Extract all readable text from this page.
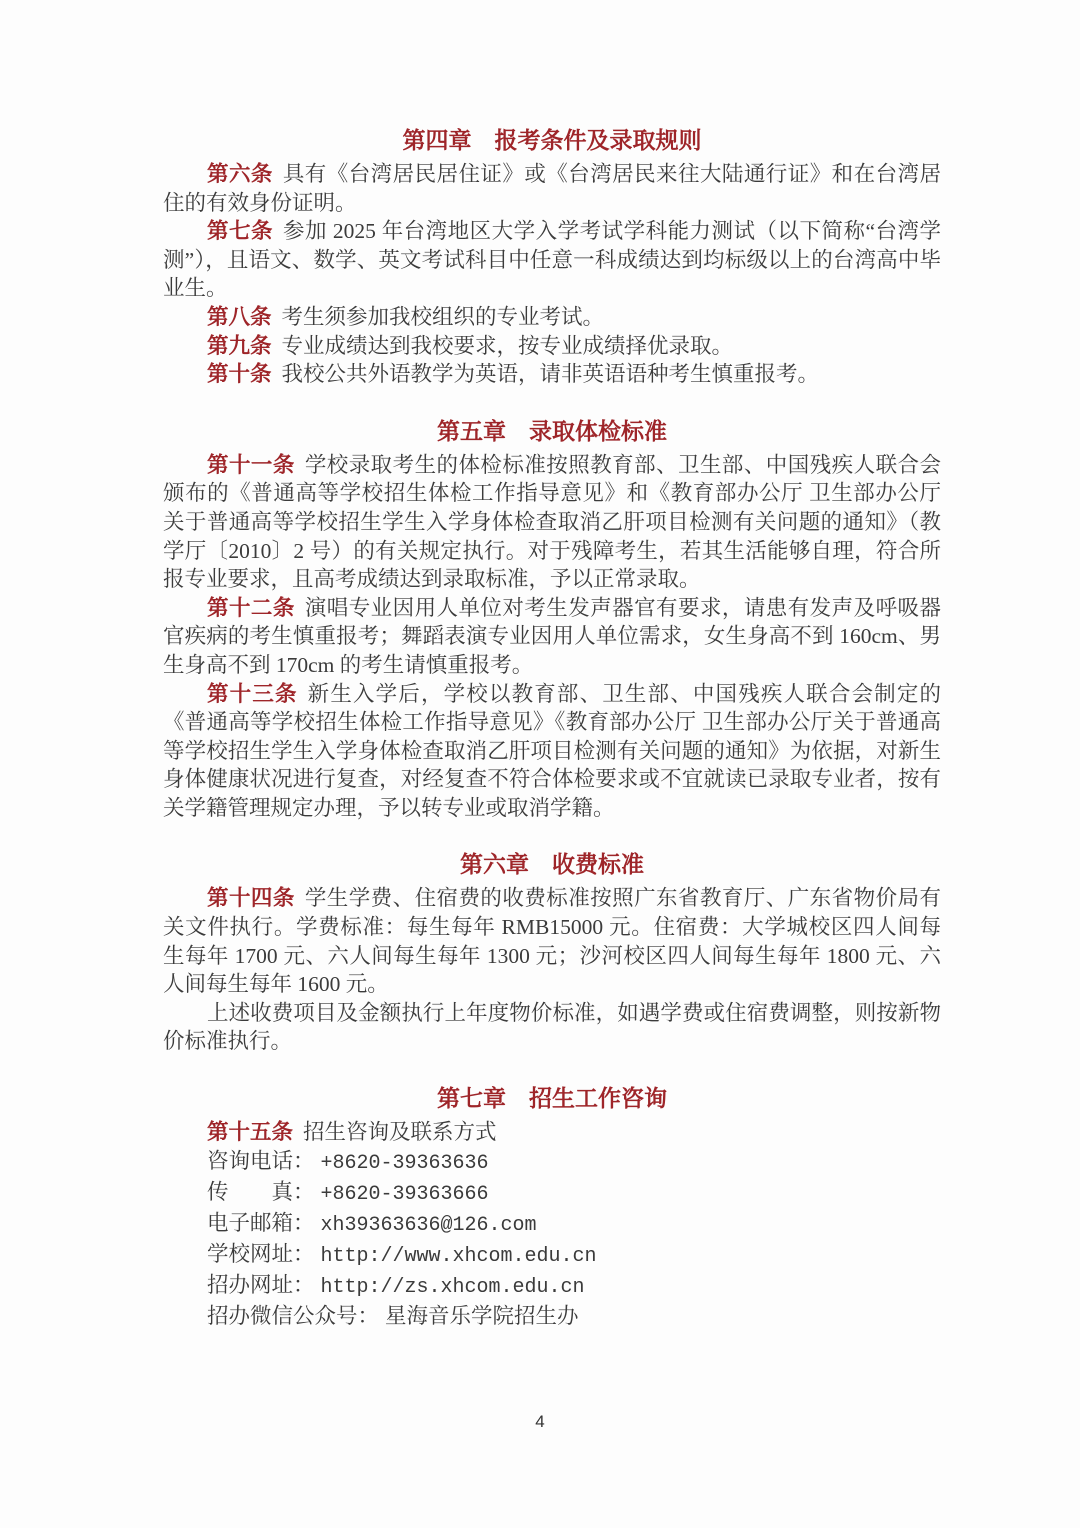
第四章　报考条件及录取规则

第六条 具有《台湾居民居住证》或《台湾居民来往大陆通行证》和在台湾居住的有效身份证明。

第七条 参加 2025 年台湾地区大学入学考试学科能力测试（以下简称“台湾学测”），且语文、数学、英文考试科目中任意一科成绩达到均标级以上的台湾高中毕业生。

第八条 考生须参加我校组织的专业考试。

第九条 专业成绩达到我校要求，按专业成绩择优录取。

第十条 我校公共外语教学为英语，请非英语语种考生慎重报考。

第五章　录取体检标准

第十一条 学校录取考生的体检标准按照教育部、卫生部、中国残疾人联合会颁布的《普通高等学校招生体检工作指导意见》和《教育部办公厅 卫生部办公厅关于普通高等学校招生学生入学身体检查取消乙肝项目检测有关问题的通知》（教学厅〔2010〕2 号）的有关规定执行。对于残障考生，若其生活能够自理，符合所报专业要求，且高考成绩达到录取标准，予以正常录取。

第十二条 演唱专业因用人单位对考生发声器官有要求，请患有发声及呼吸器官疾病的考生慎重报考；舞蹈表演专业因用人单位需求，女生身高不到 160cm、男生身高不到 170cm 的考生请慎重报考。

第十三条 新生入学后，学校以教育部、卫生部、中国残疾人联合会制定的《普通高等学校招生体检工作指导意见》《教育部办公厅 卫生部办公厅关于普通高等学校招生学生入学身体检查取消乙肝项目检测有关问题的通知》为依据，对新生身体健康状况进行复查，对经复查不符合体检要求或不宜就读已录取专业者，按有关学籍管理规定办理，予以转专业或取消学籍。

第六章　收费标准

第十四条 学生学费、住宿费的收费标准按照广东省教育厅、广东省物价局有关文件执行。学费标准：每生每年 RMB15000 元。住宿费：大学城校区四人间每生每年 1700 元、六人间每生每年 1300 元；沙河校区四人间每生每年 1800 元、六人间每生每年 1600 元。

上述收费项目及金额执行上年度物价标准，如遇学费或住宿费调整，则按新物价标准执行。

第七章　招生工作咨询

第十五条 招生咨询及联系方式

咨询电话： +8620-39363636
传　　真： +8620-39363666
电子邮箱： xh39363636@126.com
学校网址： http://www.xhcom.edu.cn
招办网址： http://zs.xhcom.edu.cn
招办微信公众号： 星海音乐学院招生办
4
